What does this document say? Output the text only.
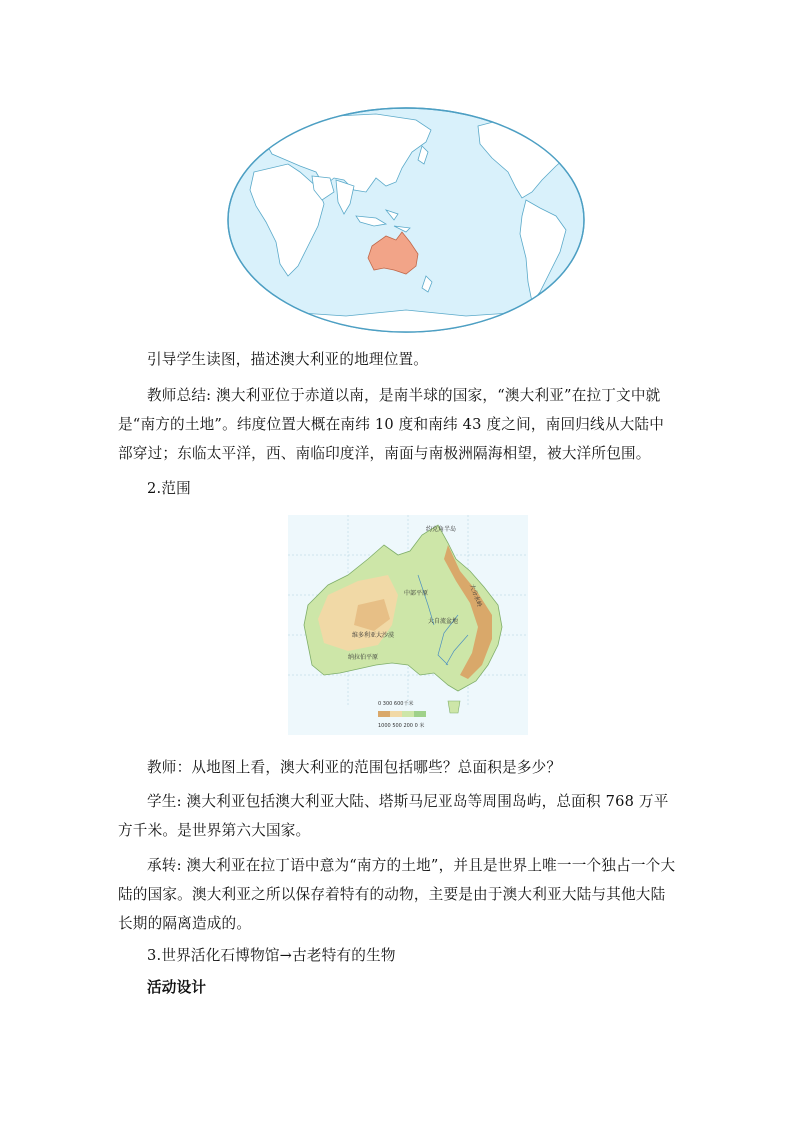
引导学生读图，描述澳大利亚的地理位置。

教师总结: 澳大利亚位于赤道以南，是南半球的国家，“澳大利亚”在拉丁文中就是“南方的土地”。纬度位置大概在南纬 10 度和南纬 43 度之间，南回归线从大陆中部穿过；东临太平洋，西、南临印度洋，南面与南极洲隔海相望，被大洋所包围。

2.范围

约克角半岛
大分水岭
大自流盆地
维多利亚大沙漠
纳拉伯平原
中部平原
0 300 600千米
1000 500 200 0 米

教师：从地图上看，澳大利亚的范围包括哪些？总面积是多少？

学生: 澳大利亚包括澳大利亚大陆、塔斯马尼亚岛等周围岛屿，总面积 768 万平方千米。是世界第六大国家。

承转: 澳大利亚在拉丁语中意为“南方的土地”，并且是世界上唯一一个独占一个大陆的国家。澳大利亚之所以保存着特有的动物，主要是由于澳大利亚大陆与其他大陆长期的隔离造成的。

3.世界活化石博物馆→古老特有的生物

活动设计
